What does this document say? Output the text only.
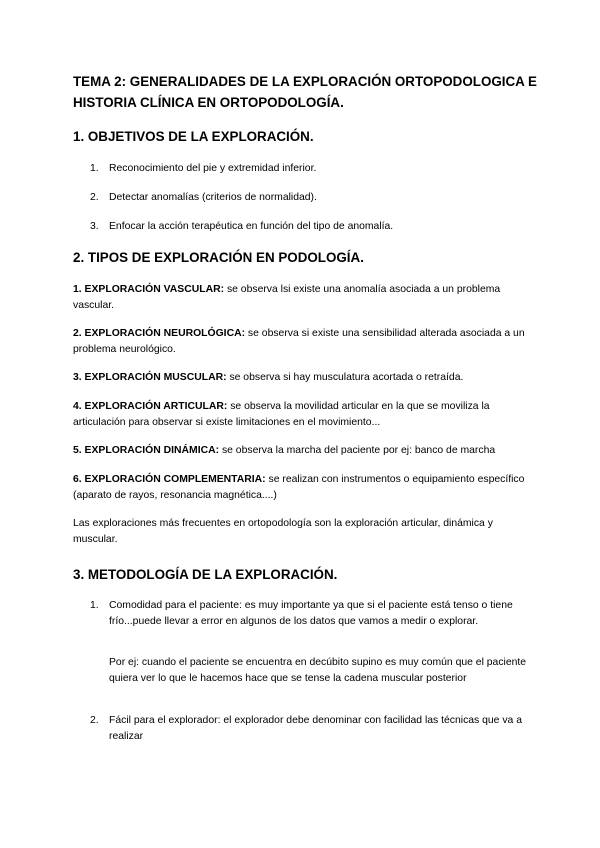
TEMA 2: GENERALIDADES DE LA EXPLORACIÓN ORTOPODOLOGICA E HISTORIA CLÍNICA EN ORTOPODOLOGÍA.
1. OBJETIVOS DE LA EXPLORACIÓN.
1. Reconocimiento del pie y extremidad inferior.
2. Detectar anomalías (criterios de normalidad).
3. Enfocar la acción terapéutica en función del tipo de anomalía.
2. TIPOS DE EXPLORACIÓN EN PODOLOGÍA.

1. EXPLORACIÓN VASCULAR: se observa lsi existe una anomalía asociada a un problema vascular.

2. EXPLORACIÓN NEUROLÓGICA: se observa si existe una sensibilidad alterada asociada a un problema neurológico.

3. EXPLORACIÓN MUSCULAR: se observa si hay musculatura acortada o retraída.

4. EXPLORACIÓN ARTICULAR: se observa la movilidad articular en la que se moviliza la articulación para observar si existe limitaciones en el movimiento...

5. EXPLORACIÓN DINÁMICA: se observa la marcha del paciente por ej: banco de marcha

6. EXPLORACIÓN COMPLEMENTARIA: se realizan con instrumentos o equipamiento específico (aparato de rayos, resonancia magnética....)

Las exploraciones más frecuentes en ortopodología son la exploración articular, dinámica y muscular.

3. METODOLOGÍA DE LA EXPLORACIÓN.
1. Comodidad para el paciente: es muy importante ya que si el paciente está tenso o tiene frío...puede llevar a error en algunos de los datos que vamos a medir o explorar.
Por ej: cuando el paciente se encuentra en decúbito supino es muy común que el paciente quiera ver lo que le hacemos hace que se tense la cadena muscular posterior
2. Fácil para el explorador: el explorador debe denominar con facilidad las técnicas que va a realizar
